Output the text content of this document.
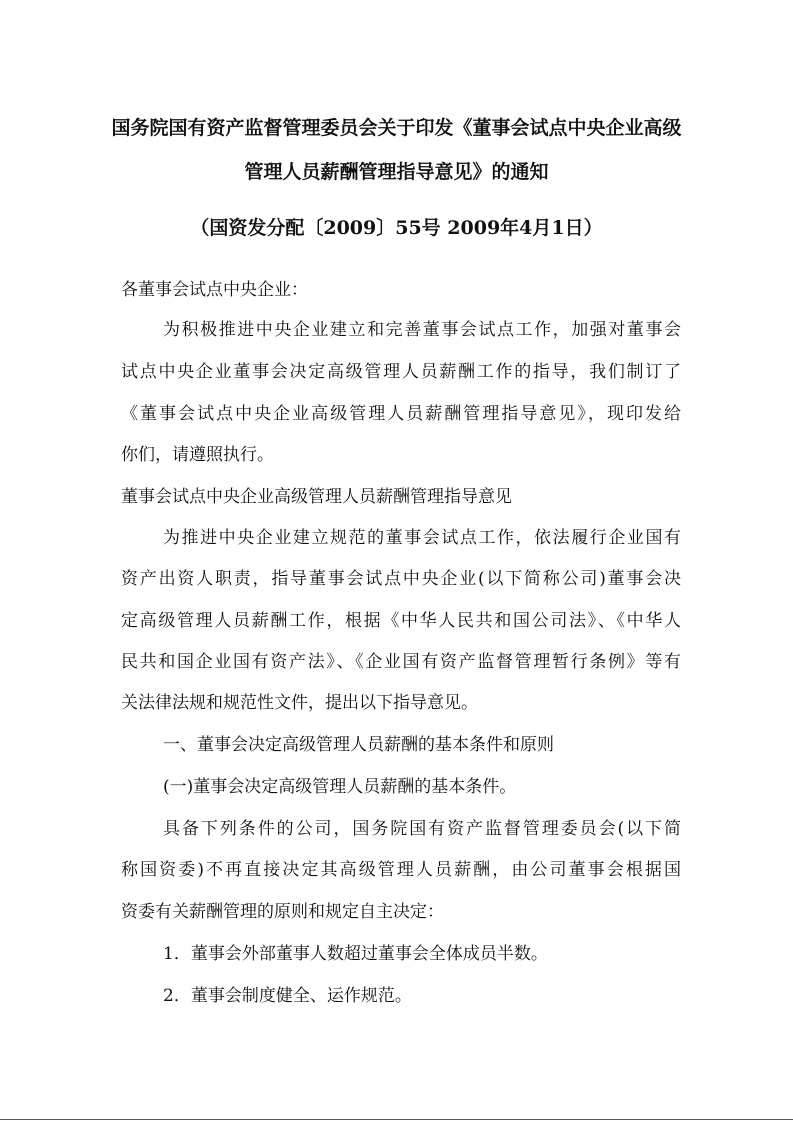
国务院国有资产监督管理委员会关于印发《董事会试点中央企业高级
管理人员薪酬管理指导意见》的通知
（国资发分配〔2009〕55号 2009年4月1日）
各董事会试点中央企业：
为积极推进中央企业建立和完善董事会试点工作，加强对董事会
试点中央企业董事会决定高级管理人员薪酬工作的指导，我们制订了
《董事会试点中央企业高级管理人员薪酬管理指导意见》，现印发给
你们，请遵照执行。
董事会试点中央企业高级管理人员薪酬管理指导意见
为推进中央企业建立规范的董事会试点工作，依法履行企业国有
资产出资人职责，指导董事会试点中央企业(以下简称公司)董事会决
定高级管理人员薪酬工作，根据《中华人民共和国公司法》、《中华人
民共和国企业国有资产法》、《企业国有资产监督管理暂行条例》等有
关法律法规和规范性文件，提出以下指导意见。
一、董事会决定高级管理人员薪酬的基本条件和原则
(一)董事会决定高级管理人员薪酬的基本条件。
具备下列条件的公司，国务院国有资产监督管理委员会(以下简
称国资委)不再直接决定其高级管理人员薪酬，由公司董事会根据国
资委有关薪酬管理的原则和规定自主决定：
1．董事会外部董事人数超过董事会全体成员半数。
2．董事会制度健全、运作规范。
